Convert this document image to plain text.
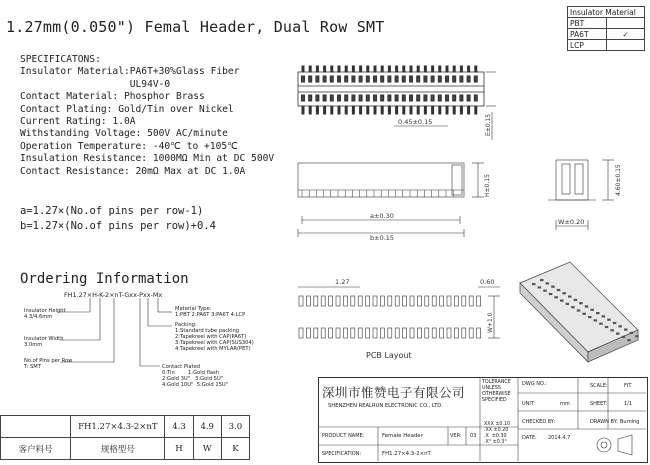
1.27mm(0.050") Femal Header, Dual Row SMT
Insulator Material	
PBT	
PA6T	✓
LCP	
SPECIFICATONS:
Insulator Material:PA6T+30%Glass Fiber
UL94V-0
Contact Material: Phosphor Brass
Contact Plating: Gold/Tin over Nickel
Current Rating: 1.0A
Withstanding Voltage: 500V AC/minute
Operation Temperature: -40℃ to +105℃
Insulation Resistance: 1000MΩ Min at DC 500V
Contact Resistance: 20mΩ Max at DC 1.0A
a=1.27×(No.of pins per row-1)
b=1.27×(No.of pins per row)+0.4
E±0.15
H±0.15	4.60±0.15
W+1.0
0.45±0.15
a±0.30
b±0.15
W±0.20
1.27	0.60
PCB Layout
Ordering Information
FH1.27×H-K-2×nT-Gxx-Pxx-Mx
Material Type:
1:PBT 2:PA6T 3:PA6T 4:LCP
Packing:
1:Standard tube packing
2:Tapekreel with CAP(PA6T)
3:Tapekreel with CAP(SUS304)
4:Tapekreel with MYLAR(PET)
Contact Plated
0:Tin        1:Gold flash
2:Gold 3U"   3:Gold 5U"
4:Gold 10U"  5:Gold 15U"
Insulator Height
4.3/4.6mm
Insulator Width
3.0mm
No.of Pins per Row
T: SMT
	FH1.27×4.3-2×nT	4.3	4.9	3.0
客户料号	规格型号	H	W	K
深圳市惟赞电子有限公司
SHENZHEN REALRUN ELECTRONIC CO., LTD.
TOLERANCE
UNLESS
OTHERWISE
SPECIFIED
XXX ±0.10
.XX ±0.20
.X  ±0.30
.X° ±0.3°
DWG NO.:	SCALE:	FIT
UNIT:	mm	SHEET:	1/1
CHECKED BY:	DRAWN BY: Burning
PRODUCT NAME:	Female Header	VER: 03	DATE: 2014.4.7
SPECIFICATION:	FH1.27×4.3-2×nT
